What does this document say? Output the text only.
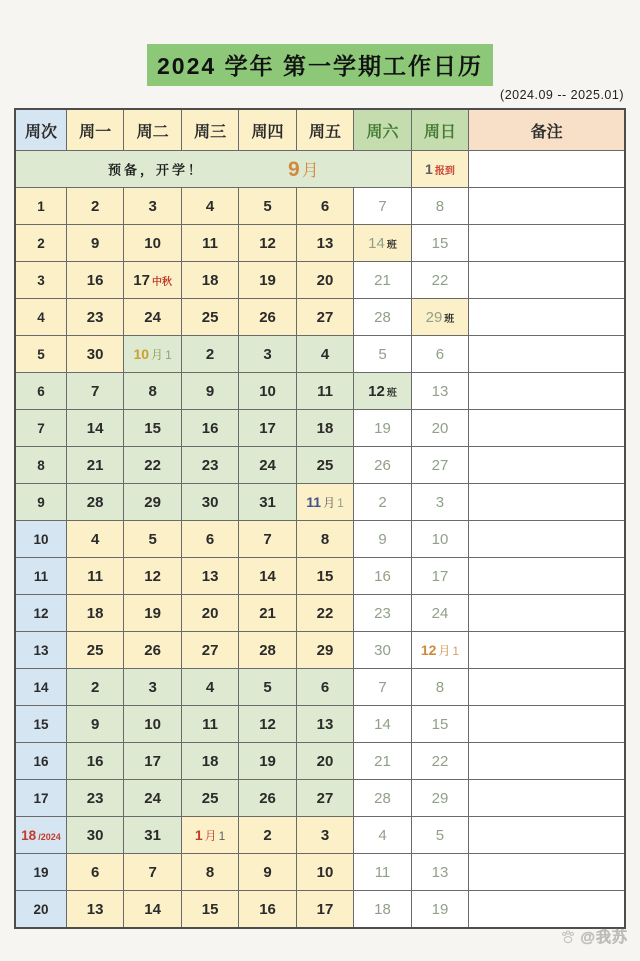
2024 学年 第一学期工作日历
(2024.09 -- 2025.01)
周次	周一	周二	周三	周四	周五	周六	周日	备注

预备，开学！ 9 月							1 报到	
1	2	3	4	5	6	7	8	
2	9	10	11	12	13	14 班	15	
3	16	17 中秋	18	19	20	21	22	
4	23	24	25	26	27	28	29 班	
5	30	10 月 1	2	3	4	5	6	
6	7	8	9	10	11	12 班	13	
7	14	15	16	17	18	19	20	
8	21	22	23	24	25	26	27	
9	28	29	30	31	11 月 1	2	3	
10	4	5	6	7	8	9	10	
11	11	12	13	14	15	16	17	
12	18	19	20	21	22	23	24	
13	25	26	27	28	29	30	12 月 1	
14	2	3	4	5	6	7	8	
15	9	10	11	12	13	14	15	
16	16	17	18	19	20	21	22	
17	23	24	25	26	27	28	29	
18 /2024	30	31	1 月 1	2	3	4	5	
19	6	7	8	9	10	11	13	
20	13	14	15	16	17	18	19	
@我苏
